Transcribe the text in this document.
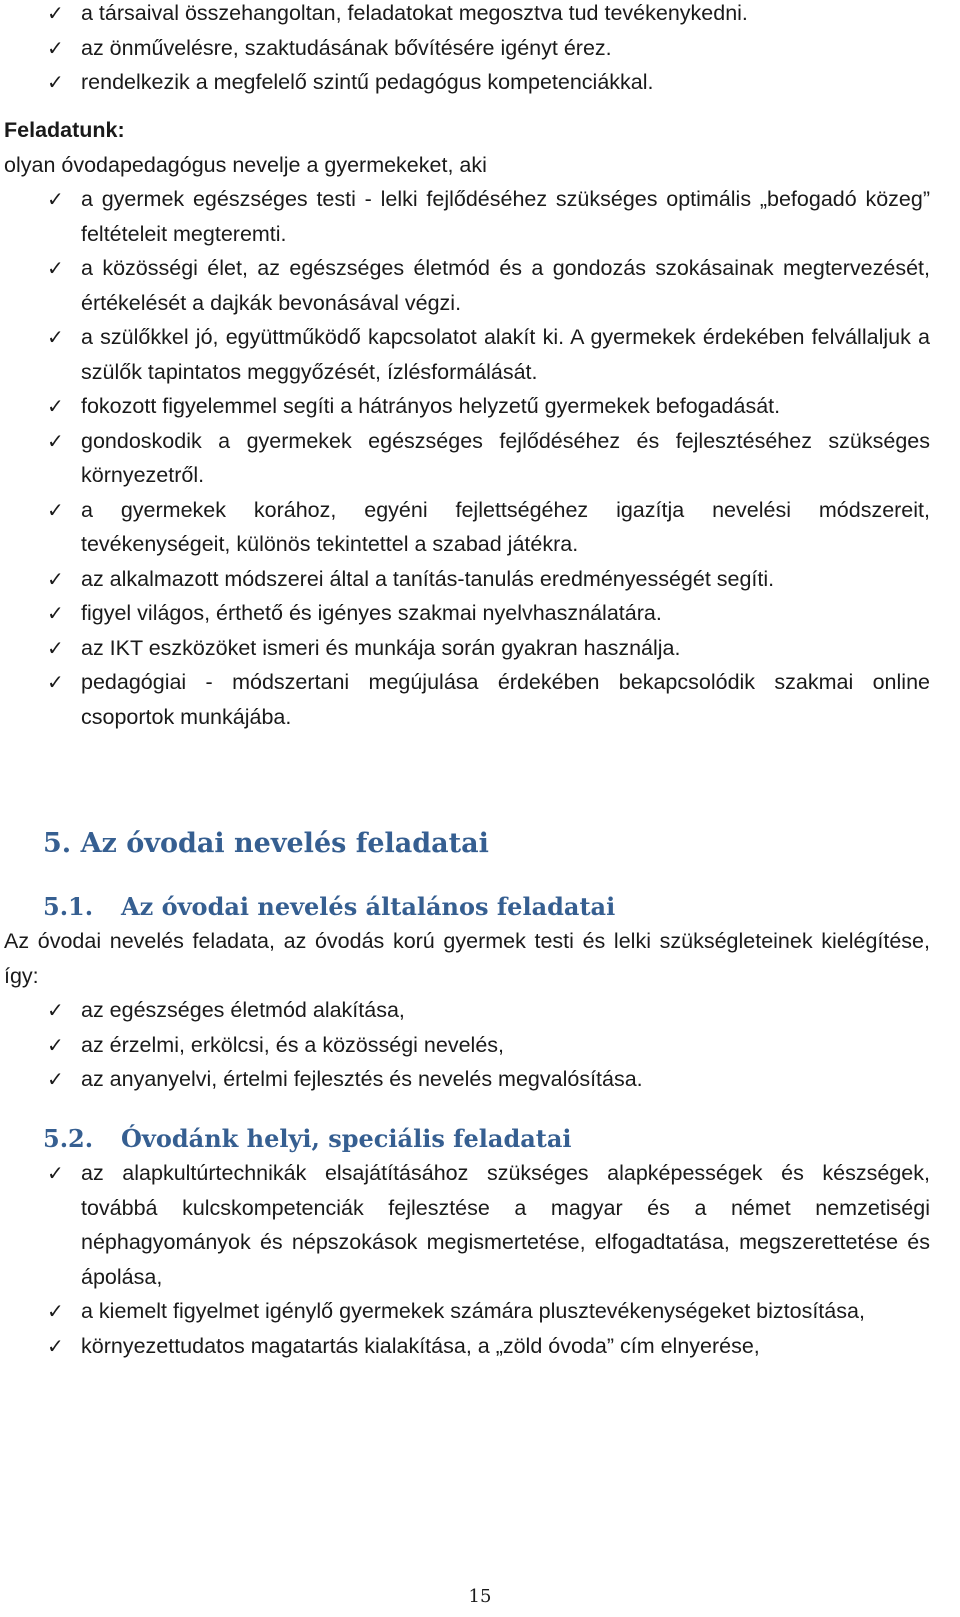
✓ a társaival összehangoltan, feladatokat megosztva tud tevékenykedni.
✓ az önművelésre, szaktudásának bővítésére igényt érez.
✓ rendelkezik a megfelelő szintű pedagógus kompetenciákkal.
Feladatunk:
olyan óvodapedagógus nevelje a gyermekeket, aki
✓ a gyermek egészséges testi - lelki fejlődéséhez szükséges optimális „befogadó közeg” feltételeit megteremti.
✓ a közösségi élet, az egészséges életmód és a gondozás szokásainak megtervezését, értékelését a dajkák bevonásával végzi.
✓ a szülőkkel jó, együttműködő kapcsolatot alakít ki. A gyermekek érdekében felvállaljuk a szülők tapintatos meggyőzését, ízlésformálását.
✓ fokozott figyelemmel segíti a hátrányos helyzetű gyermekek befogadását.
✓ gondoskodik a gyermekek egészséges fejlődéséhez és fejlesztéséhez szükséges környezetről.
✓ a gyermekek korához, egyéni fejlettségéhez igazítja nevelési módszereit, tevékenységeit, különös tekintettel a szabad játékra.
✓ az alkalmazott módszerei által a tanítás-tanulás eredményességét segíti.
✓ figyel világos, érthető és igényes szakmai nyelvhasználatára.
✓ az IKT eszközöket ismeri és munkája során gyakran használja.
✓ pedagógiai - módszertani megújulása érdekében bekapcsolódik szakmai online csoportok munkájába.
5. Az óvodai nevelés feladatai
5.1. Az óvodai nevelés általános feladatai
Az óvodai nevelés feladata, az óvodás korú gyermek testi és lelki szükségleteinek kielégítése, így:
✓ az egészséges életmód alakítása,
✓ az érzelmi, erkölcsi, és a közösségi nevelés,
✓ az anyanyelvi, értelmi fejlesztés és nevelés megvalósítása.
5.2. Óvodánk helyi, speciális feladatai
✓ az alapkultúrtechnikák elsajátításához szükséges alapképességek és készségek, továbbá kulcskompetenciák fejlesztése a magyar és a német nemzetiségi néphagyományok és népszokások megismertetése, elfogadtatása, megszerettetése és ápolása,
✓ a kiemelt figyelmet igénylő gyermekek számára plusztevékenységeket biztosítása,
✓ környezettudatos magatartás kialakítása, a „zöld óvoda” cím elnyerése,
15
